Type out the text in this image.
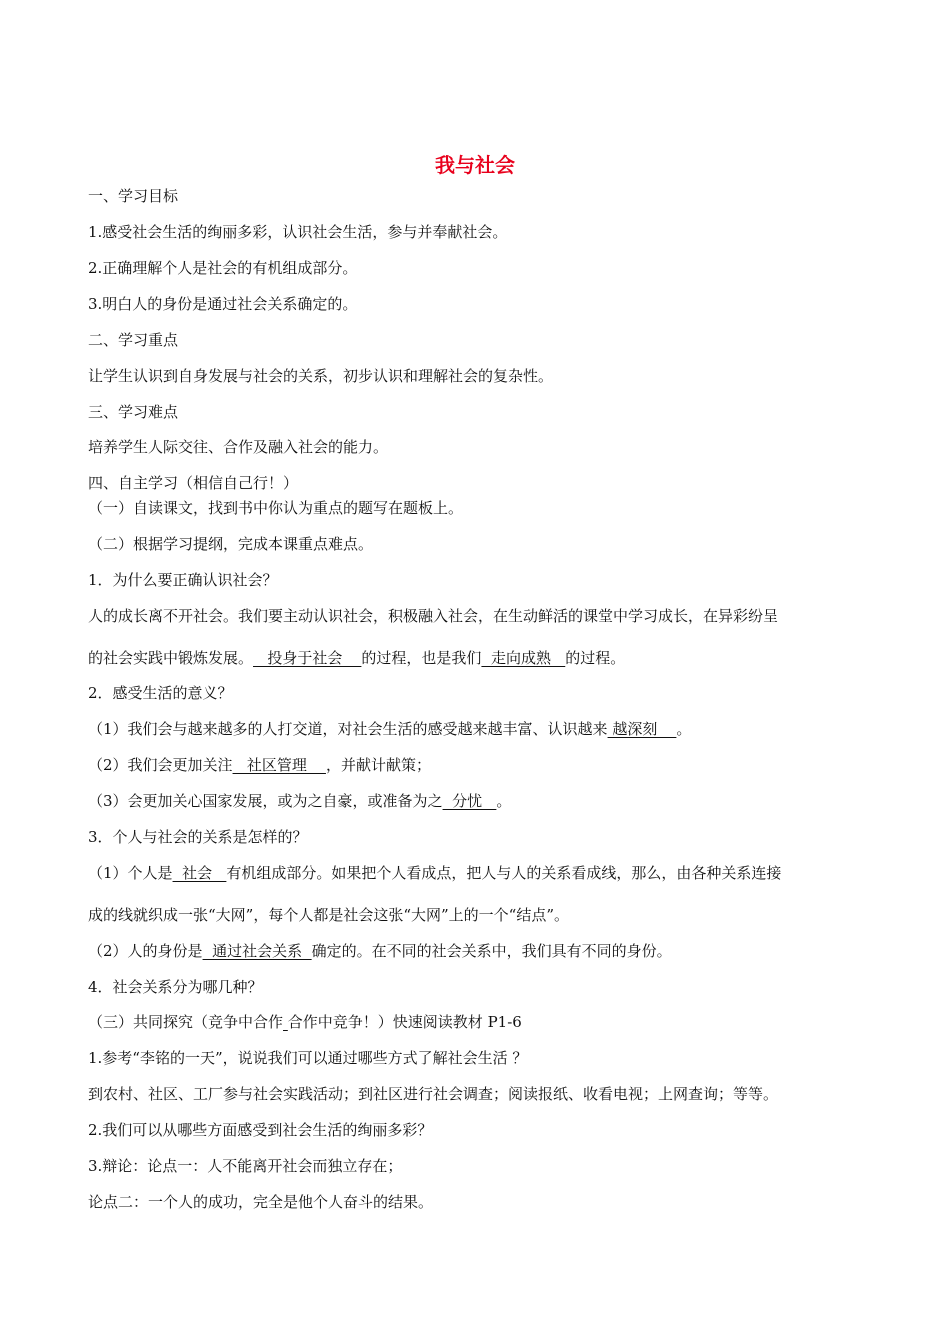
我与社会
一、学习目标
1.感受社会生活的绚丽多彩，认识社会生活，参与并奉献社会。
2.正确理解个人是社会的有机组成部分。
3.明白人的身份是通过社会关系确定的。
二、学习重点
让学生认识到自身发展与社会的关系，初步认识和理解社会的复杂性。
三、学习难点
培养学生人际交往、合作及融入社会的能力。
四、自主学习（相信自己行！）
（一）自读课文，找到书中你认为重点的题写在题板上。
（二）根据学习提纲，完成本课重点难点。
1．为什么要正确认识社会？
人的成长离不开社会。我们要主动认识社会，积极融入社会，在生动鲜活的课堂中学习成长，在异彩纷呈
的社会实践中锻炼发展。   投身于社会    的过程，也是我们  走向成熟   的过程。
2．感受生活的意义？
（1）我们会与越来越多的人打交道，对社会生活的感受越来越丰富、认识越来 越深刻    。
（2）我们会更加关注   社区管理    ，并献计献策；
（3）会更加关心国家发展，或为之自豪，或准备为之  分忧   。
3．个人与社会的关系是怎样的？
（1）个人是  社会   有机组成部分。如果把个人看成点，把人与人的关系看成线，那么，由各种关系连接
成的线就织成一张“大网”，每个人都是社会这张“大网”上的一个“结点”。
（2）人的身份是  通过社会关系  确定的。在不同的社会关系中，我们具有不同的身份。
4．社会关系分为哪几种？
（三）共同探究（竞争中合作 合作中竞争！）快速阅读教材 P1-6
1.参考“李铭的一天”，说说我们可以通过哪些方式了解社会生活 ？
到农村、社区、工厂参与社会实践活动；到社区进行社会调查；阅读报纸、收看电视；上网查询；等等。
2.我们可以从哪些方面感受到社会生活的绚丽多彩？
3.辩论：论点一：人不能离开社会而独立存在；
论点二：一个人的成功，完全是他个人奋斗的结果。
